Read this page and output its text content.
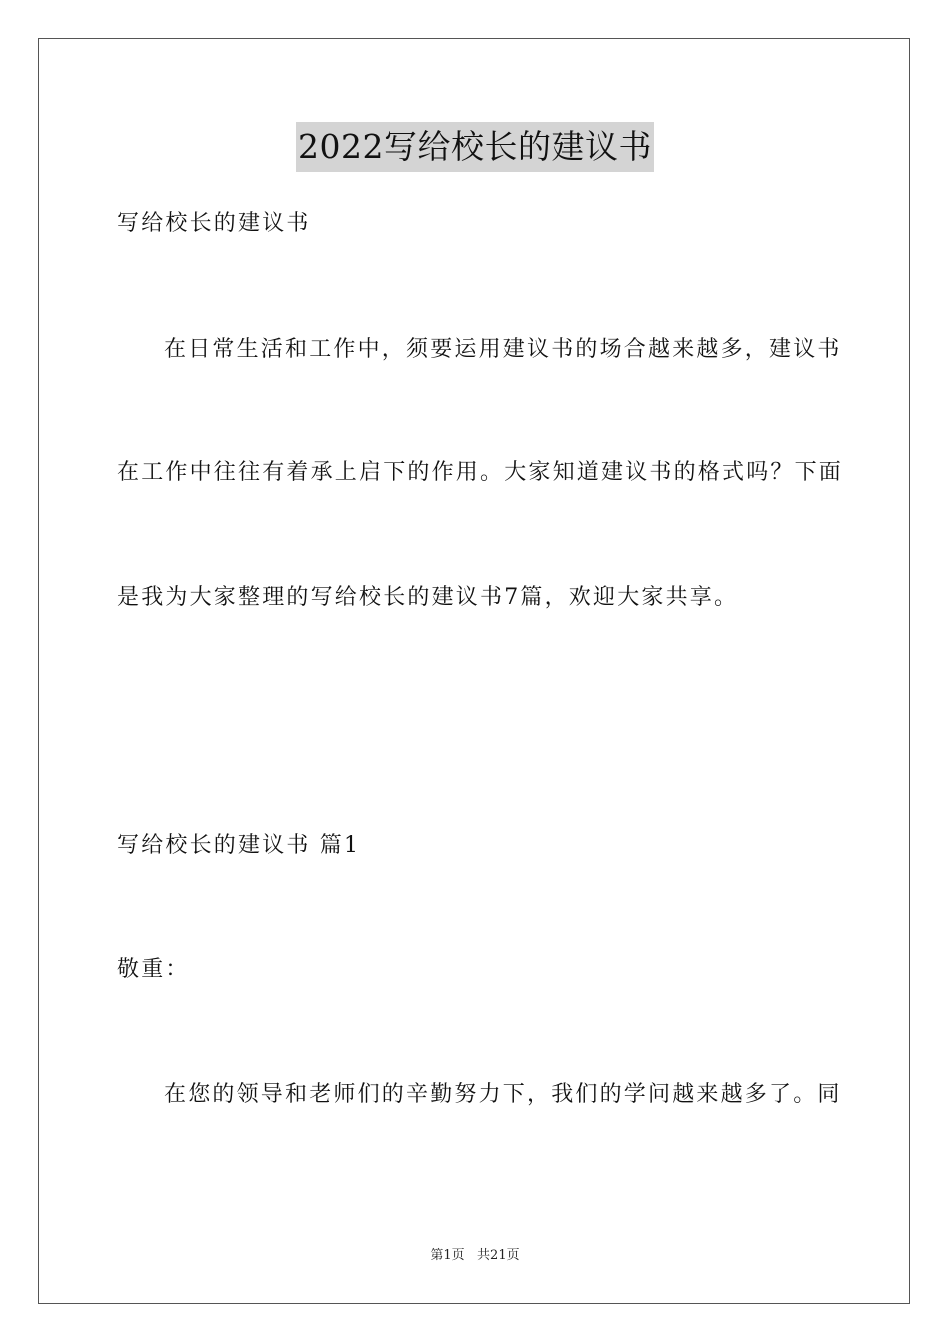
2022写给校长的建议书

写给校长的建议书

在日常生活和工作中，须要运用建议书的场合越来越多，建议书

在工作中往往有着承上启下的作用。大家知道建议书的格式吗？下面

是我为大家整理的写给校长的建议书7篇，欢迎大家共享。

写给校长的建议书 篇1

敬重：

在您的领导和老师们的辛勤努力下，我们的学问越来越多了。同

第1页   共21页
